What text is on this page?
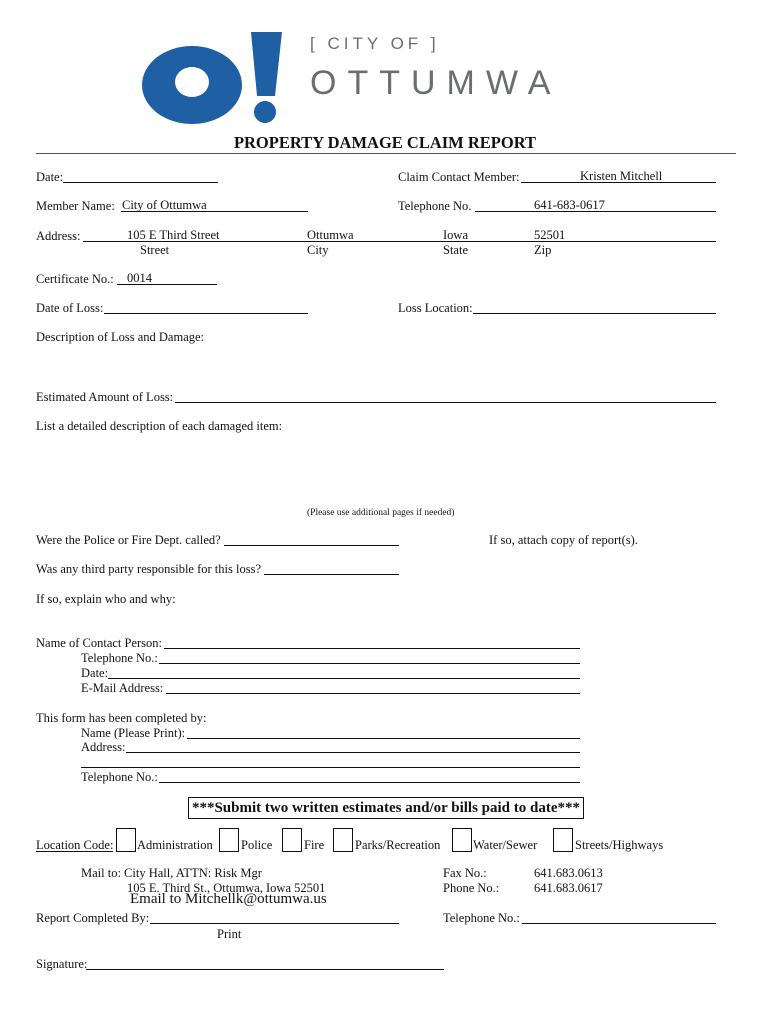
[ CITY OF ]
OTTUMWA
PROPERTY DAMAGE CLAIM REPORT
Date:	Claim Contact Member:	Kristen Mitchell
Member Name: City of Ottumwa	Telephone No.	641-683-0617
Address:	105 E Third Street	Ottumwa	Iowa	52501
Street	City	State	Zip
Certificate No.: 0014
Date of Loss:	Loss Location:
Description of Loss and Damage:
Estimated Amount of Loss:
List a detailed description of each damaged item:
(Please use additional pages if needed)
Were the Police or Fire Dept. called?	If so, attach copy of report(s).
Was any third party responsible for this loss?
If so, explain who and why:
Name of Contact Person:
Telephone No.:
Date:
E-Mail Address:
This form has been completed by:
Name (Please Print):
Address:
Telephone No.:
***Submit two written estimates and/or bills paid to date***
Location Code: Administration Police	Fire Parks/Recreation	Water/Sewer	Streets/Highways
Mail to: City Hall, ATTN: Risk Mgr
105 E. Third St., Ottumwa, Iowa 52501
Email to Mitchellk@ottumwa.us
Fax No.:	641.683.0613
Phone No.:	641.683.0617
Report Completed By:	Telephone No.:
Print
Signature:
